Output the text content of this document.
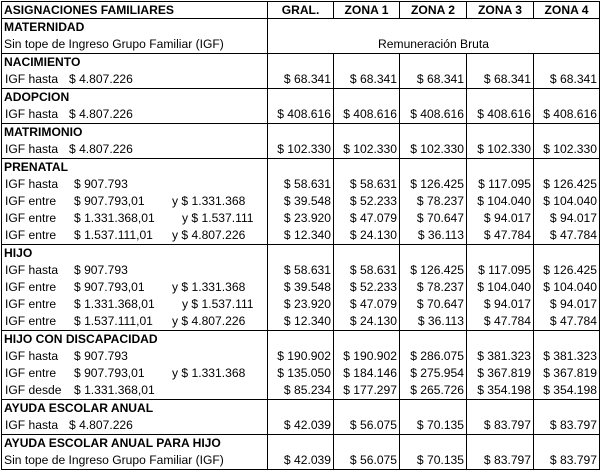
ASIGNACIONES FAMILIARES	GRAL.	ZONA 1	ZONA 2	ZONA 3	ZONA 4
MATERNIDAD					
Sin tope de Ingreso Grupo Familiar (IGF)	Remuneración Bruta				
NACIMIENTO					

IGF hasta $ 4.807.226	$ 68.341	$ 68.341	$ 68.341	$ 68.341	$ 68.341
ADOPCION					

IGF hasta $ 4.807.226	$ 408.616	$ 408.616	$ 408.616	$ 408.616	$ 408.616
MATRIMONIO					

IGF hasta $ 4.807.226	$ 102.330	$ 102.330	$ 102.330	$ 102.330	$ 102.330
PRENATAL					

IGF hasta $ 907.793	$ 58.631	$ 58.631	$ 126.425	$ 117.095	$ 126.425

IGF entre $ 907.793,01 y $ 1.331.368	$ 39.548	$ 52.233	$ 78.237	$ 104.040	$ 104.040

IGF entre $ 1.331.368,01 y $ 1.537.111	$ 23.920	$ 47.079	$ 70.647	$ 94.017	$ 94.017

IGF entre $ 1.537.111,01 y $ 4.807.226	$ 12.340	$ 24.130	$ 36.113	$ 47.784	$ 47.784
HIJO					

IGF hasta $ 907.793	$ 58.631	$ 58.631	$ 126.425	$ 117.095	$ 126.425

IGF entre $ 907.793,01 y $ 1.331.368	$ 39.548	$ 52.233	$ 78.237	$ 104.040	$ 104.040

IGF entre $ 1.331.368,01 y $ 1.537.111	$ 23.920	$ 47.079	$ 70.647	$ 94.017	$ 94.017

IGF entre $ 1.537.111,01 y $ 4.807.226	$ 12.340	$ 24.130	$ 36.113	$ 47.784	$ 47.784
HIJO CON DISCAPACIDAD					

IGF hasta $ 907.793	$ 190.902	$ 190.902	$ 286.075	$ 381.323	$ 381.323

IGF entre $ 907.793,01 y $ 1.331.368	$ 135.050	$ 184.146	$ 275.954	$ 367.819	$ 367.819

IGF desde $ 1.331.368,01	$ 85.234	$ 177.297	$ 265.726	$ 354.198	$ 354.198
AYUDA ESCOLAR ANUAL					

IGF hasta $ 4.807.226	$ 42.039	$ 56.075	$ 70.135	$ 83.797	$ 83.797
AYUDA ESCOLAR ANUAL PARA HIJO					
Sin tope de Ingreso Grupo Familiar (IGF)	$ 42.039	$ 56.075	$ 70.135	$ 83.797	$ 83.797
